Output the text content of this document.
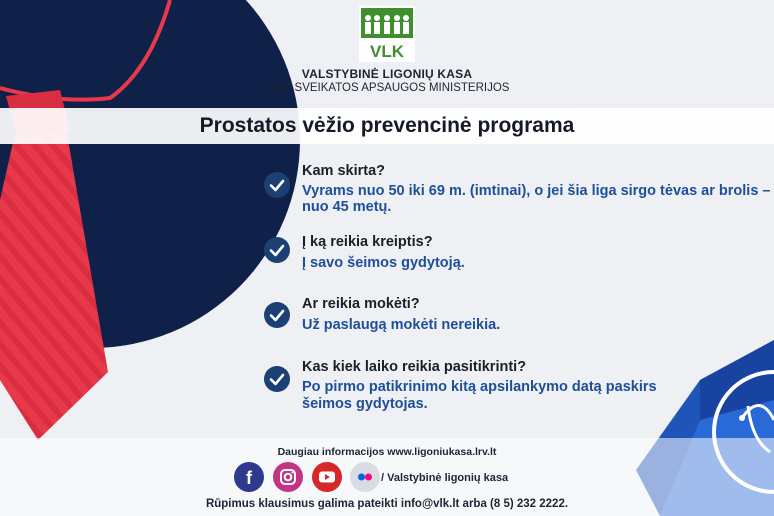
VLK
VALSTYBINĖ LIGONIŲ KASA
PRIE SVEIKATOS APSAUGOS MINISTERIJOS
Prostatos vėžio prevencinė programa
Kam skirta?
Vyrams nuo 50 iki 69 m. (imtinai), o jei šia liga sirgo tėvas ar brolis –
nuo 45 metų.
Į ką reikia kreiptis?
Į savo šeimos gydytoją.
Ar reikia mokėti?
Už paslaugą mokėti nereikia.
Kas kiek laiko reikia pasitikrinti?
Po pirmo patikrinimo kitą apsilankymo datą paskirs
šeimos gydytojas.
Daugiau informacijos www.ligoniukasa.lrv.lt
f	/ Valstybinė ligonių kasa
Rūpimus klausimus galima pateikti info@vlk.lt arba (8 5) 232 2222.
